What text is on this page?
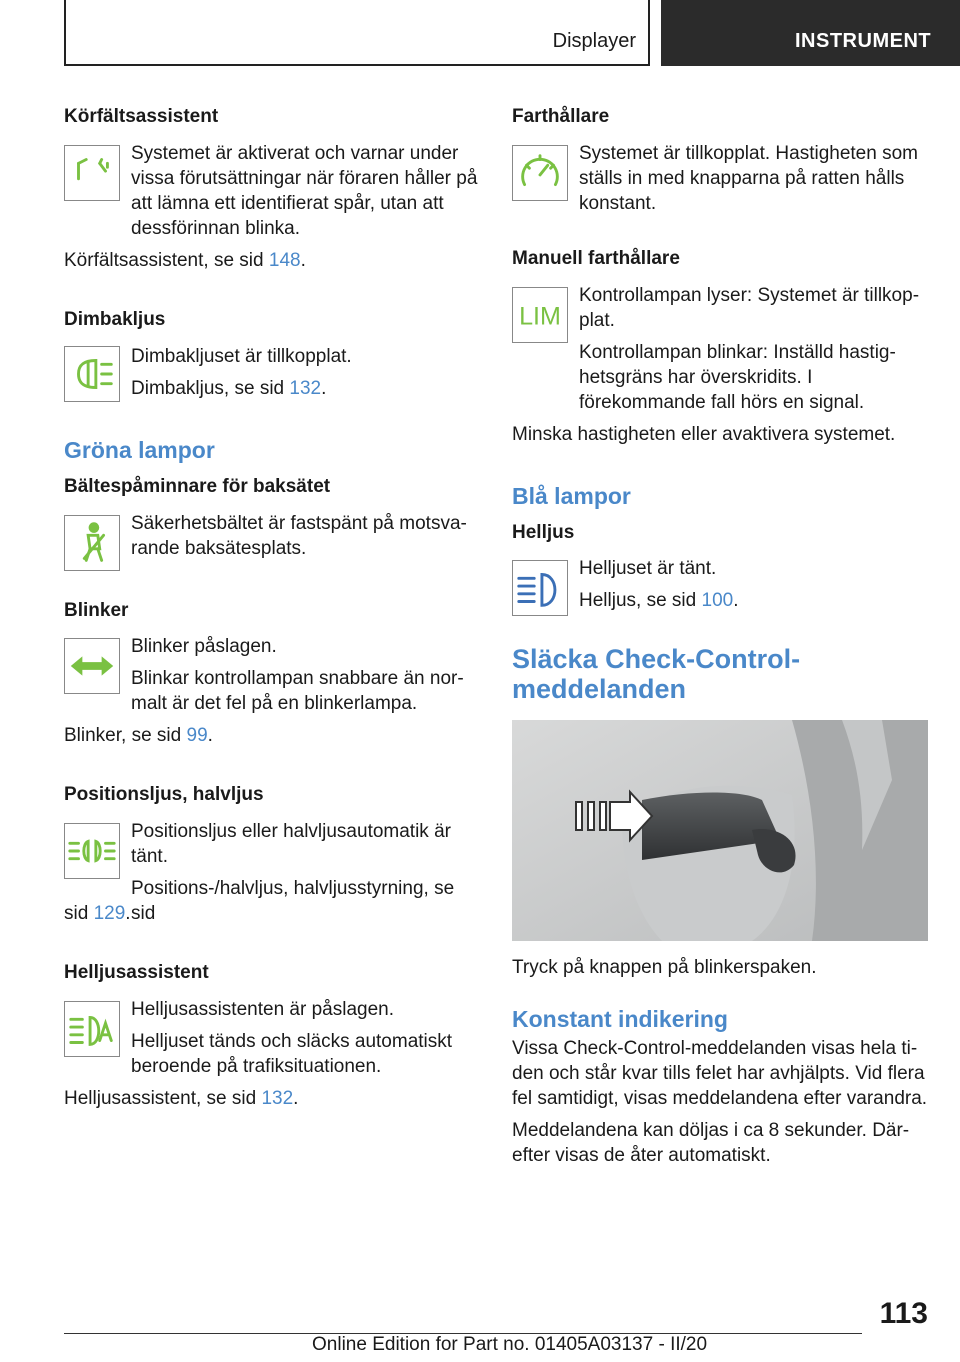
Displayer	INSTRUMENT
Körfältsassistent
Systemet är aktiverat och varnar under vissa förutsättningar när föraren håller på att lämna ett identifierat spår, utan att dessförinnan blinka.
Körfältsassistent, se sid 148.
Dimbakljus
Dimbakljuset är tillkopplat.
Dimbakljus, se sid 132.
Gröna lampor
Bältespåminnare för baksätet
Säkerhetsbältet är fastspänt på motsva-rande baksätesplats.
Blinker
Blinker påslagen.
Blinkar kontrollampan snabbare än nor-malt är det fel på en blinkerlampa.
Blinker, se sid 99.
Positionsljus, halvljus
Positionsljus eller halvljusautomatik är tänt.
Positions-/halvljus, halvljusstyrning, se sid
sid 129.
Helljusassistent
Helljusassistenten är påslagen.
Helljuset tänds och släcks automatiskt beroende på trafiksituationen.
Helljusassistent, se sid 132.
Farthållare
Systemet är tillkopplat. Hastigheten som ställs in med knapparna på ratten hålls konstant.
Manuell farthållare
LIM
Kontrollampan lyser: Systemet är tillkop-plat.
Kontrollampan blinkar: Inställd hastig-hetsgräns har överskridits. I förekommande fall hörs en signal.
Minska hastigheten eller avaktivera systemet.
Blå lampor
Helljus
Helljuset är tänt.
Helljus, se sid 100.
Släcka Check-Control-meddelanden
Tryck på knappen på blinkerspaken.
Konstant indikering
Vissa Check-Control-meddelanden visas hela ti-den och står kvar tills felet har avhjälpts. Vid flera fel samtidigt, visas meddelandena efter varandra.
Meddelandena kan döljas i ca 8 sekunder. Där-efter visas de åter automatiskt.
113
Online Edition for Part no. 01405A03137 - II/20
